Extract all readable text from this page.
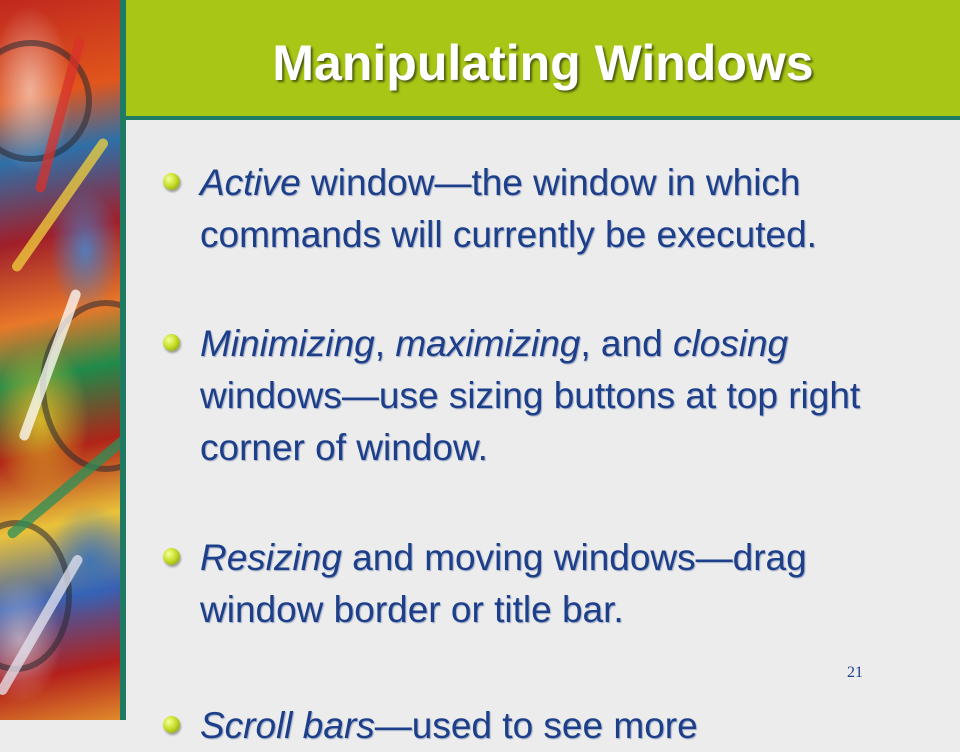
Manipulating Windows
Active window—the window in which commands will currently be executed.
Minimizing, maximizing, and closing windows—use sizing buttons at top right corner of window.
Resizing and moving windows—drag window border or title bar.
Scroll bars—used to see more
21
